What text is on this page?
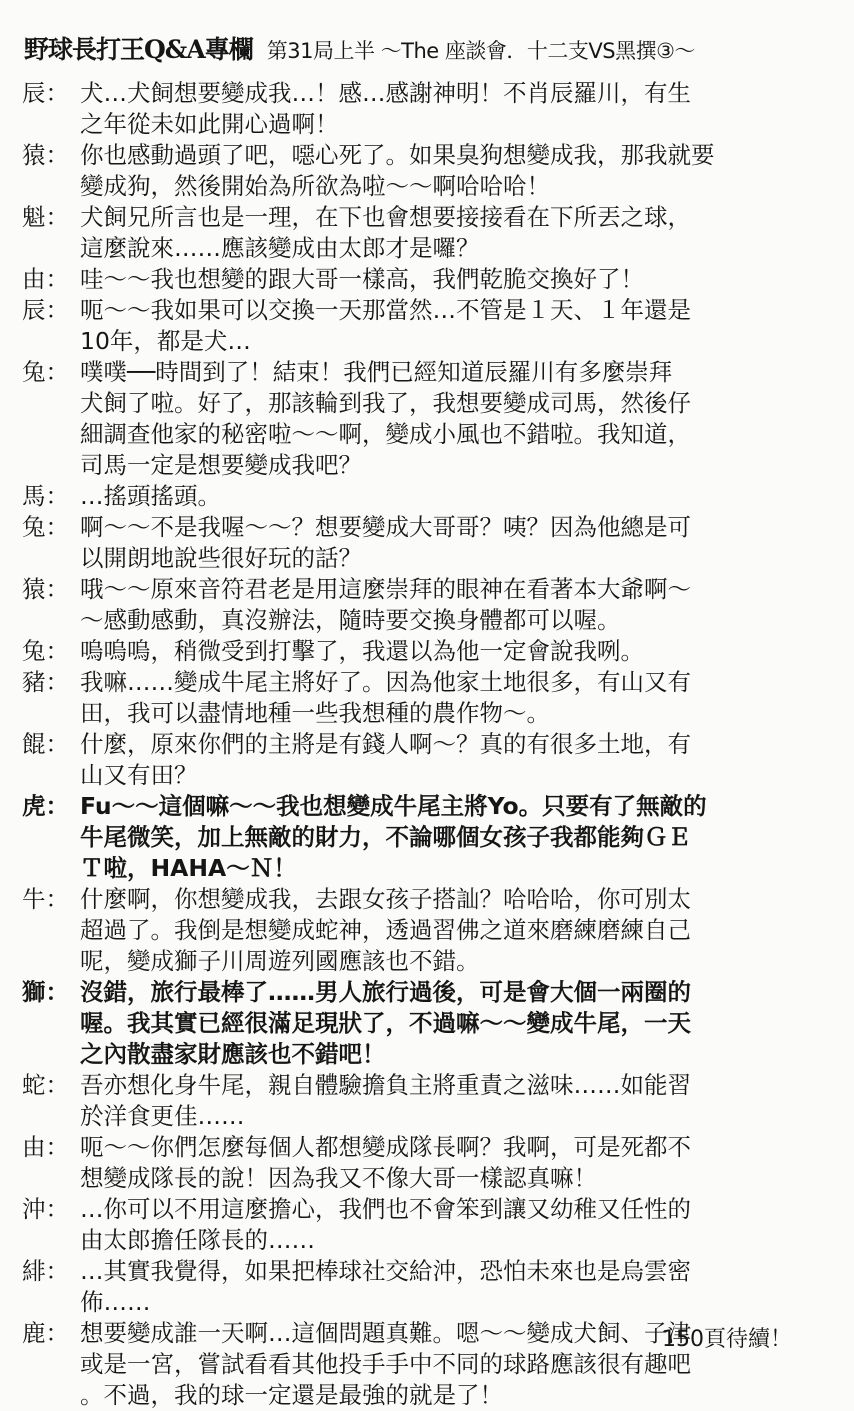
野球長打王Q&A專欄 第31局上半 ～The 座談會．十二支VS黑撰③～
辰： 犬…犬飼想要變成我…！感…感謝神明！不肖辰羅川，有生
之年從未如此開心過啊！
猿： 你也感動過頭了吧，噁心死了。如果臭狗想變成我，那我就要
變成狗，然後開始為所欲為啦～～啊哈哈哈！
魁： 犬飼兄所言也是一理，在下也會想要接接看在下所丟之球，
這麼說來……應該變成由太郎才是囉？
由： 哇～～我也想變的跟大哥一樣高，我們乾脆交換好了！
辰： 呃～～我如果可以交換一天那當然…不管是１天、１年還是
10年，都是犬…
兔： 噗噗──時間到了！結束！我們已經知道辰羅川有多麼崇拜
犬飼了啦。好了，那該輪到我了，我想要變成司馬，然後仔
細調查他家的秘密啦～～啊，變成小風也不錯啦。我知道，
司馬一定是想要變成我吧？
馬： …搖頭搖頭。
兔： 啊～～不是我喔～～？想要變成大哥哥？咦？因為他總是可
以開朗地說些很好玩的話？
猿： 哦～～原來音符君老是用這麼崇拜的眼神在看著本大爺啊～
～感動感動，真沒辦法，隨時要交換身體都可以喔。
兔： 嗚嗚嗚，稍微受到打擊了，我還以為他一定會說我咧。
豬： 我嘛……變成牛尾主將好了。因為他家土地很多，有山又有
田，我可以盡情地種一些我想種的農作物～。
餛： 什麼，原來你們的主將是有錢人啊～？真的有很多土地，有
山又有田？
虎： Fu～～這個嘛～～我也想變成牛尾主將Yo。只要有了無敵的
牛尾微笑，加上無敵的財力，不論哪個女孩子我都能夠ＧＥ
Ｔ啦，HAHA～Ｎ！
牛： 什麼啊，你想變成我，去跟女孩子搭訕？哈哈哈，你可別太
超過了。我倒是想變成蛇神，透過習佛之道來磨練磨練自己
呢，變成獅子川周遊列國應該也不錯。
獅： 沒錯，旅行最棒了……男人旅行過後，可是會大個一兩圈的
喔。我其實已經很滿足現狀了，不過嘛～～變成牛尾，一天
之內散盡家財應該也不錯吧！
蛇： 吾亦想化身牛尾，親自體驗擔負主將重責之滋味……如能習
於洋食更佳……
由： 呃～～你們怎麼每個人都想變成隊長啊？我啊，可是死都不
想變成隊長的說！因為我又不像大哥一樣認真嘛！
沖： …你可以不用這麼擔心，我們也不會笨到讓又幼稚又任性的
由太郎擔任隊長的……
緋： …其實我覺得，如果把棒球社交給沖，恐怕未來也是烏雲密
佈……
鹿： 想要變成誰一天啊…這個問題真難。嗯～～變成犬飼、子津
或是一宮，嘗試看看其他投手手中不同的球路應該很有趣吧
。不過，我的球一定還是最強的就是了！
150頁待續！
